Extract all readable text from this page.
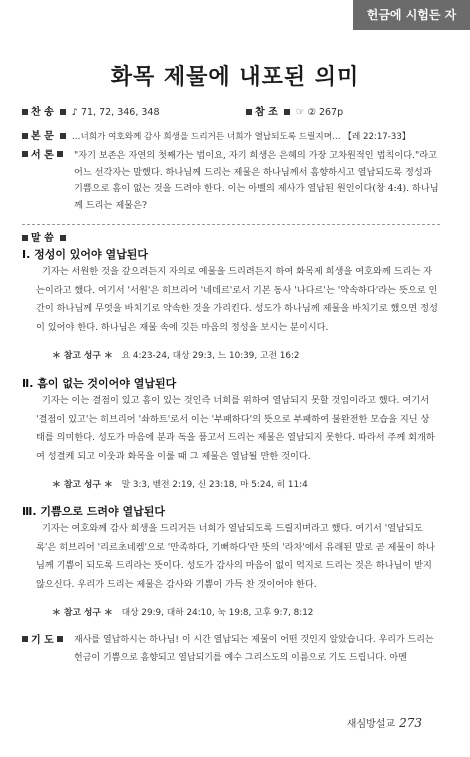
헌금에 시험든 자
화목 제물에 내포된 의미
찬 송 ♪ 71, 72, 346, 348	참 조 ☞ ② 267p
본 문 …너희가 여호와께 감사 희생을 드리거든 너희가 열납되도록 드릴지며… 【레 22:17-33】
서 론	"자기 보존은 자연의 첫째가는 법이요, 자기 희생은 은혜의 가장 고차원적인 법칙이다."라고 어느 선각자는 말했다. 하나님께 드리는 제물은 하나님께서 흠향하시고 열납되도록 정성과 기쁨으로 흠이 없는 것을 드려야 한다. 이는 아벨의 제사가 열납된 원인이다(창 4:4). 하나님께 드리는 제물은?
말 씀
Ⅰ. 정성이 있어야 열납된다
기자는 서원한 것을 갚으려든지 자의로 예물을 드리려든지 하여 화목제 희생을 여호와께 드리는 자는이라고 했다. 여기서 '서원'은 히브리어 '네데르'로서 기본 동사 '나다르'는 '약속하다'라는 뜻으로 인간이 하나님께 무엇을 바치기로 약속한 것을 가리킨다. 성도가 하나님께 제물을 바치기로 했으면 정성이 있어야 한다. 하나님은 재물 속에 깃든 마음의 정성을 보시는 분이시다.
＊ 참고 성구 ＊ 요 4:23-24, 대상 29:3, 느 10:39, 고전 16:2
Ⅱ. 흠이 없는 것이어야 열납된다
기자는 이는 결점이 있고 흠이 있는 것인즉 너희를 위하여 열납되지 못할 것임이라고 했다. 여기서 '결점이 있고'는 히브리어 '솨하트'로서 이는 '부패하다'의 뜻으로 부패하여 불완전한 모습을 지닌 상태를 의미한다. 성도가 마음에 분과 독을 품고서 드리는 제물은 열납되지 못한다. 따라서 주께 회개하여 성결케 되고 이웃과 화목을 이룰 때 그 제물은 열납될 만한 것이다.
＊ 참고 성구 ＊ 말 3:3, 벧전 2:19, 신 23:18, 마 5:24, 히 11:4
Ⅲ. 기쁨으로 드려야 열납된다
기자는 여호와께 감사 희생을 드리거든 너희가 열납되도록 드릴지며라고 했다. 여기서 '열납되도록'은 히브리어 '리르초네켐'으로 '만족하다, 기뻐하다'란 뜻의 '라차'에서 유래된 말로 곧 제물이 하나님께 기쁨이 되도록 드리라는 뜻이다. 성도가 감사의 마음이 없이 억지로 드리는 것은 하나님이 받지 않으신다. 우리가 드리는 제물은 감사와 기쁨이 가득 찬 것이어야 한다.
＊ 참고 성구 ＊ 대상 29:9, 대하 24:10, 눅 19:8, 고후 9:7, 8:12
기 도	재사를 열납하시는 하나님! 이 시간 열납되는 제물이 어떤 것인지 알았습니다. 우리가 드리는 헌금이 기쁨으로 흠향되고 열납되기를 예수 그리스도의 이름으로 기도 드립니다. 아멘
새심방설교 273
